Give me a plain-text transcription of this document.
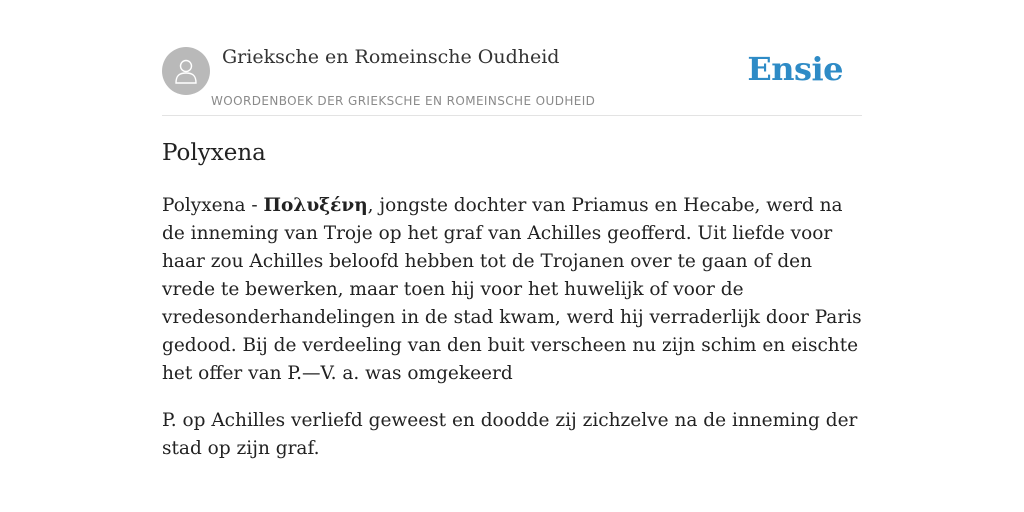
Grieksche en Romeinsche Oudheid
WOORDENBOEK DER GRIEKSCHE EN ROMEINSCHE OUDHEID
Ensie
Polyxena

Polyxena - Πολυξένη, jongste dochter van Priamus en Hecabe, werd na de inneming van Troje op het graf van Achilles geofferd. Uit liefde voor haar zou Achilles beloofd hebben tot de Trojanen over te gaan of den vrede te bewerken, maar toen hij voor het huwelijk of voor de vredesonderhandelingen in de stad kwam, werd hij verraderlijk door Paris gedood. Bij de verdeeling van den buit verscheen nu zijn schim en eischte het offer van P.—V. a. was omgekeerd

P. op Achilles verliefd geweest en doodde zij zichzelve na de inneming der stad op zijn graf.
